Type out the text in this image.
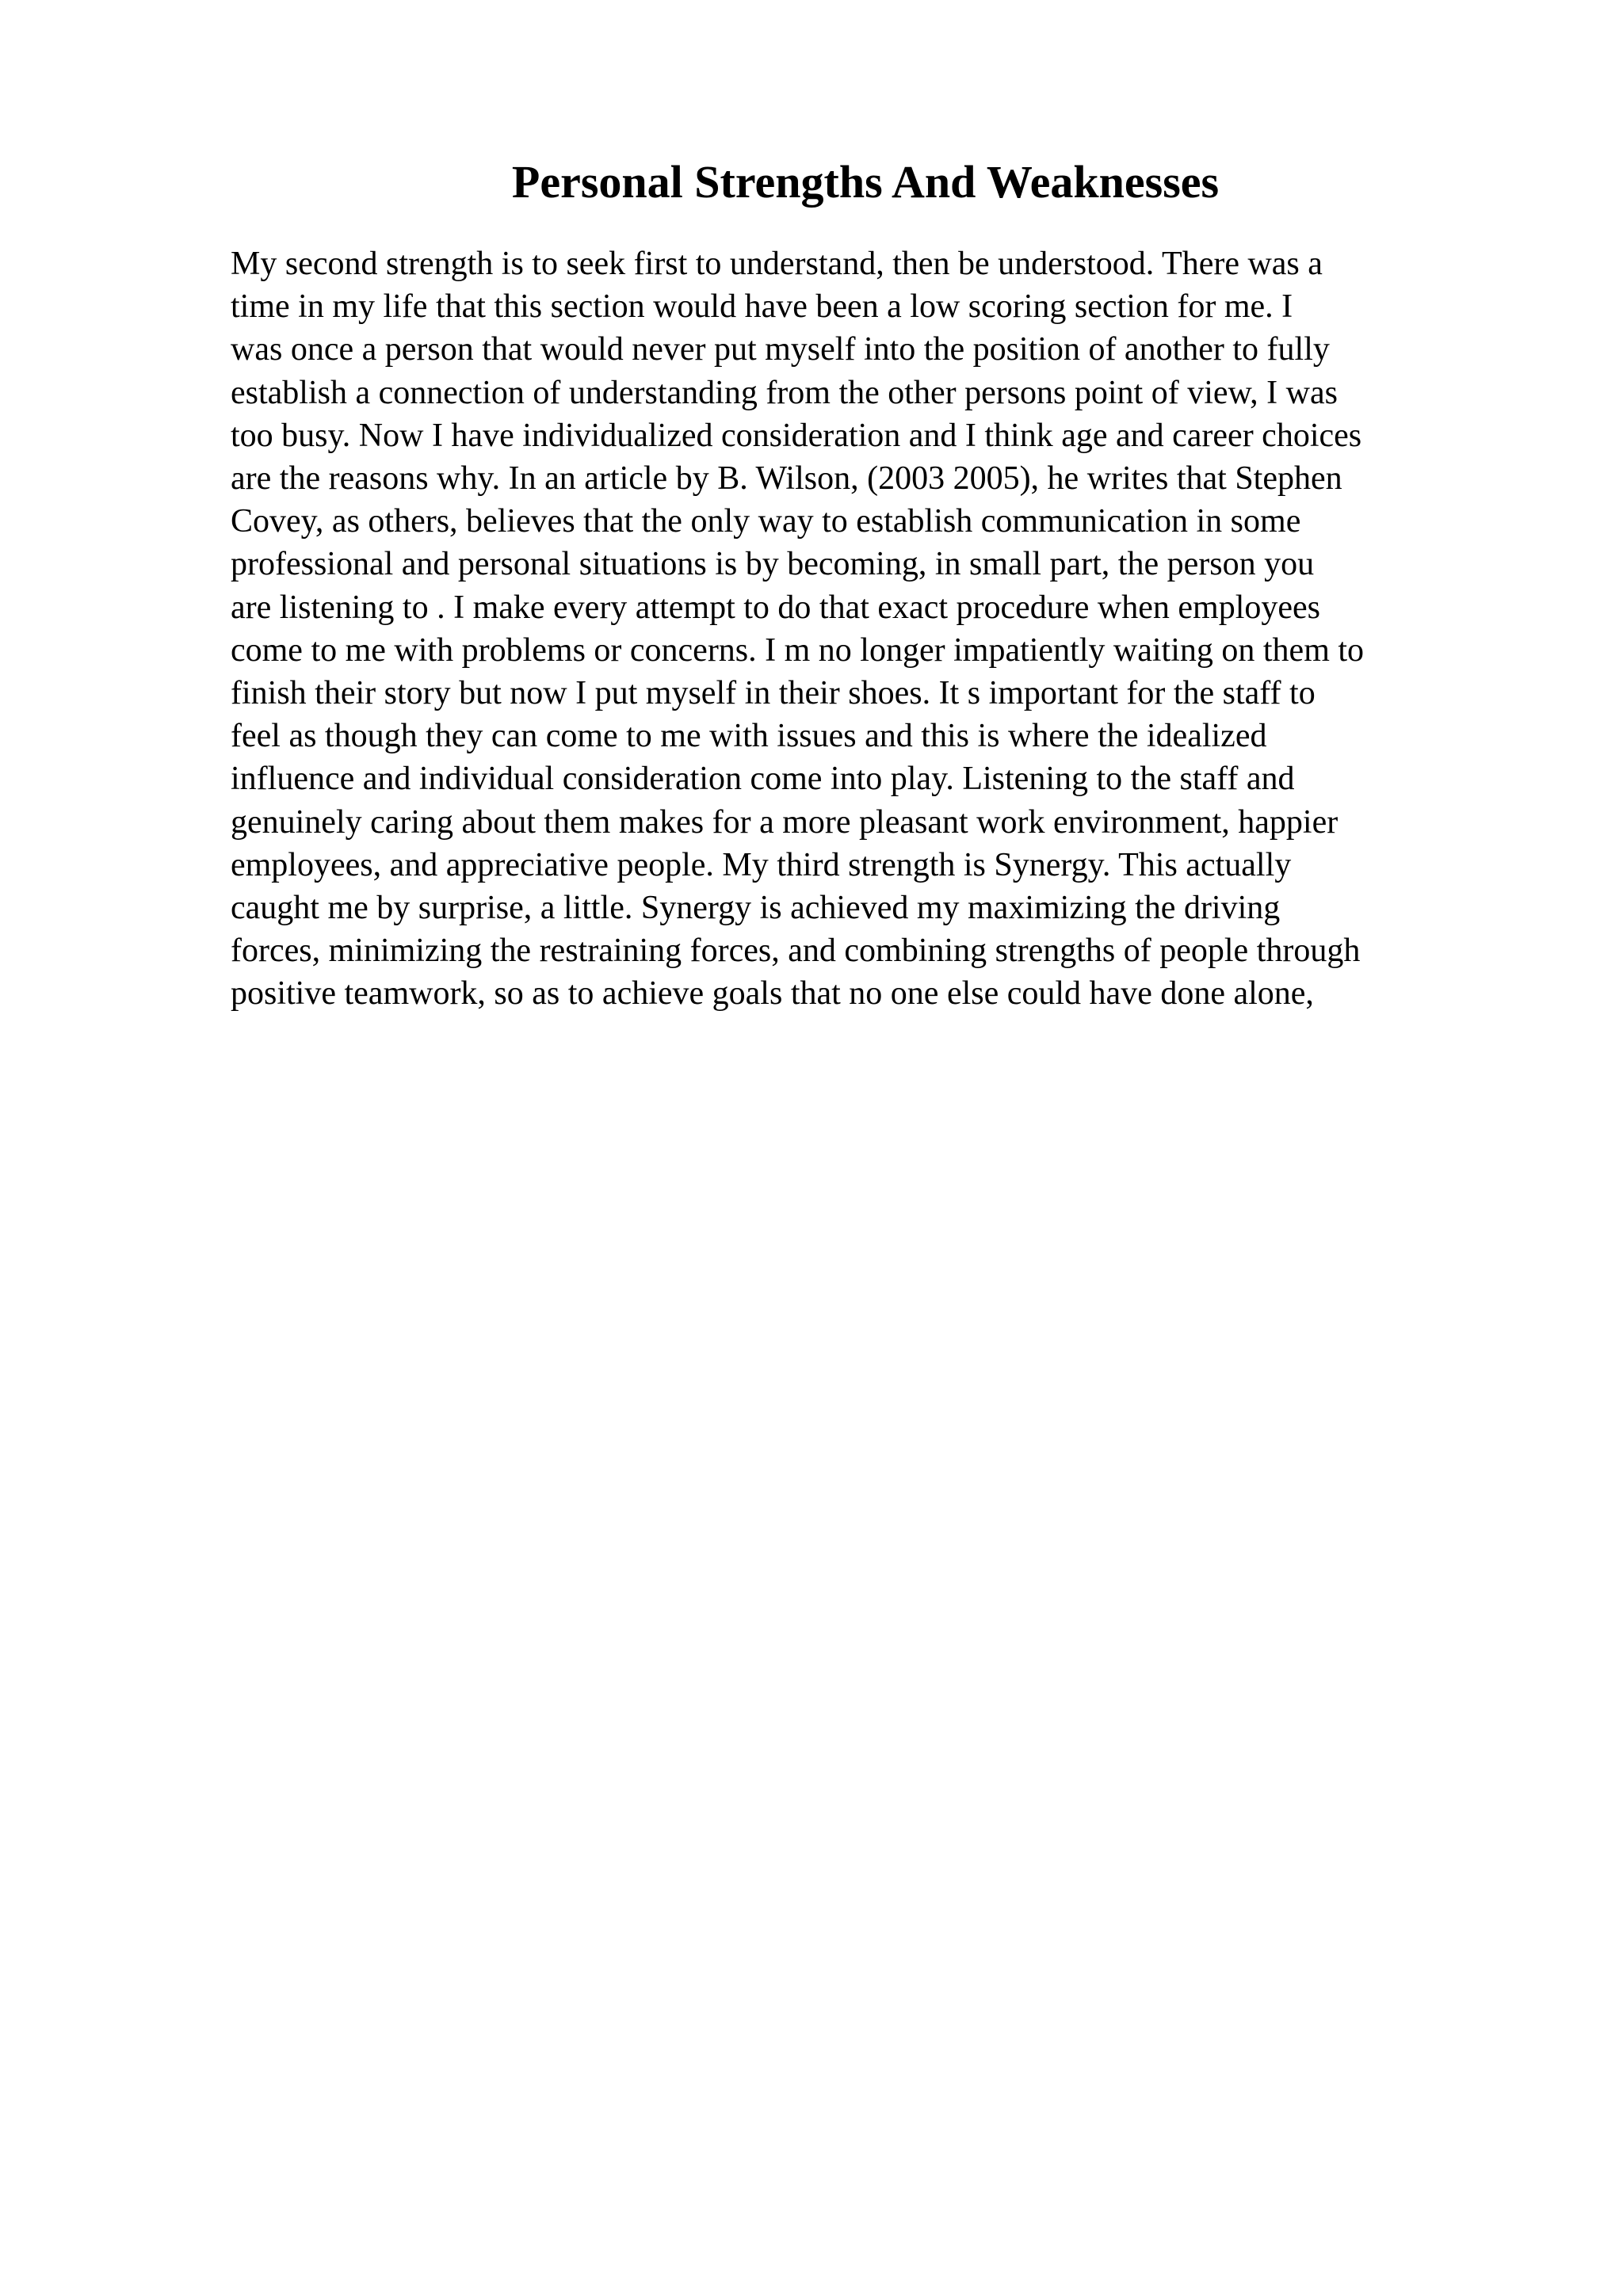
Personal Strengths And Weaknesses
My second strength is to seek first to understand, then be understood. There was a
time in my life that this section would have been a low scoring section for me. I
was once a person that would never put myself into the position of another to fully
establish a connection of understanding from the other persons point of view, I was
too busy. Now I have individualized consideration and I think age and career choices
are the reasons why. In an article by B. Wilson, (2003 2005), he writes that Stephen
Covey, as others, believes that the only way to establish communication in some
professional and personal situations is by becoming, in small part, the person you
are listening to . I make every attempt to do that exact procedure when employees
come to me with problems or concerns. I m no longer impatiently waiting on them to
finish their story but now I put myself in their shoes. It s important for the staff to
feel as though they can come to me with issues and this is where the idealized
influence and individual consideration come into play. Listening to the staff and
genuinely caring about them makes for a more pleasant work environment, happier
employees, and appreciative people. My third strength is Synergy. This actually
caught me by surprise, a little. Synergy is achieved my maximizing the driving
forces, minimizing the restraining forces, and combining strengths of people through
positive teamwork, so as to achieve goals that no one else could have done alone,
